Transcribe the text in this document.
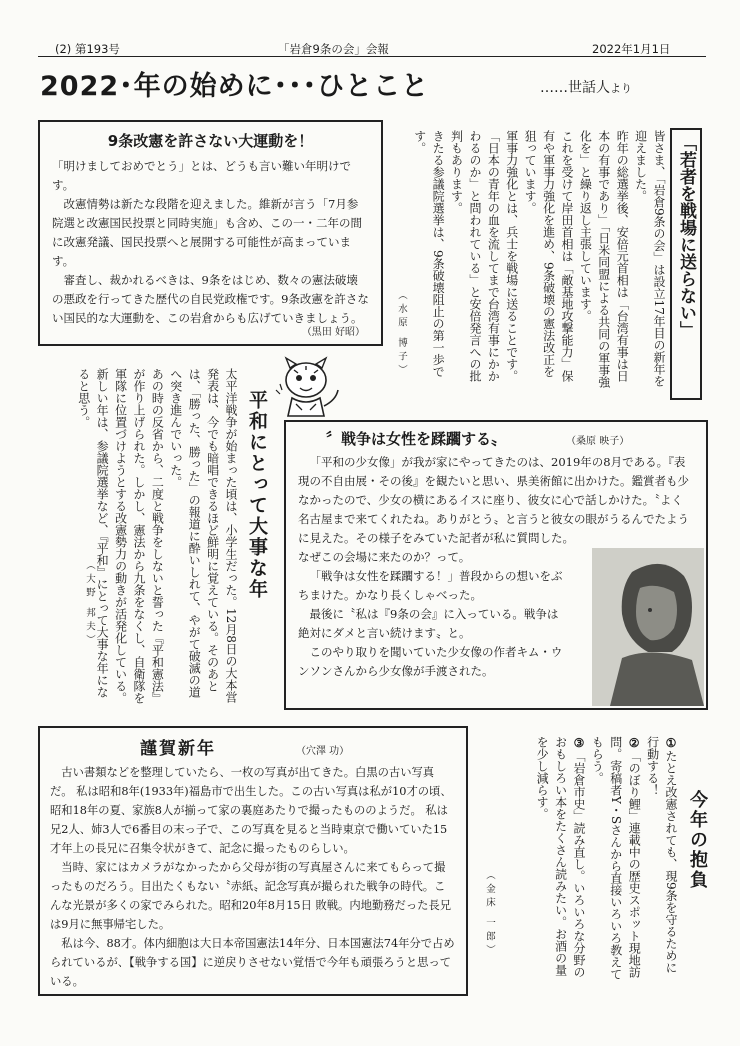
(2) 第193号	「岩倉9条の会」会報	2022年1月1日
2022･年の始めに･･･ひとこと	……世話人より
9条改憲を許さない大運動を！

「明けましておめでとう」とは、どうも言い難い年明けです。

改憲情勢は新たな段階を迎えました。維新が言う「7月参院選と改憲国民投票と同時実施」も含め、この一・二年の間に改憲発議、国民投票へと展開する可能性が高まっています。

審査し、裁かれるべきは、9条をはじめ、数々の憲法破壊の悪政を行ってきた歴代の自民党政権です。9条改憲を許さない国民的な大運動を、この岩倉からも広げていきましょう。

（黒田 好昭）	「若者を戦場に送らない」

皆さま、「岩倉9条の会」は設立17年目の新年を迎えました。

昨年の総選挙後、安倍元首相は「台湾有事は日本の有事であり」「日米同盟による共同の軍事強化を」と繰り返し主張しています。

これを受けて岸田首相は「敵基地攻撃能力」保有や軍事力強化を進め、9条破壊の憲法改正を狙っています。

軍事力強化とは、兵士を戦場に送ることです。「日本の青年の血を流してまで台湾有事にかかわるのか」と問われている」と安倍発言への批判もあります。

きたる参議院選挙は、9条破壊阻止の第一歩です。

（水原 博子）
平和にとって大事な年

太平洋戦争が始まった頃は、小学生だった。12月8日の大本営発表は、今でも暗唱できるほど鮮明に覚えている。そのあとは、「勝った、勝った」の報道に酔いしれて、やがて破滅の道へ突き進んでいった。

あの時の反省から、二度と戦争をしないと誓った『平和憲法』が作り上げられた。しかし、憲法から九条をなくし、自衛隊を軍隊に位置づけようとする改憲勢力の動きが活発化している。

新しい年は、参議院選挙など、『平和』にとって大事な年になると思う。

（大野 邦夫）
〞戦争は女性を蹂躙する〟	（桑原 映子）

「平和の少女像」が我が家にやってきたのは、2019年の8月である。『表現の不自由展・その後』を観たいと思い、県美術館に出かけた。鑑賞者も少なかったので、少女の横にあるイスに座り、彼女に心で話しかけた。〝よく名古屋まで来てくれたね。ありがとう〟と言うと彼女の眼がうるんでたように見えた。その様子をみていた記者が私に質問した。

なぜこの会場に来たのか？って。

「戦争は女性を蹂躙する！」普段からの想いをぶちまけた。かなり長くしゃべった。

最後に〝私は『9条の会』に入っている。戦争は絶対にダメと言い続けます〟と。

このやり取りを聞いていた少女像の作者キム・ウンソンさんから少女像が手渡された。

謹賀新年	（穴澤 功）

古い書類などを整理していたら、一枚の写真が出てきた。白黒の古い写真だ。 私は昭和8年(1933年)福島市で出生した。この古い写真は私が10才の頃、昭和18年の夏、家族8人が揃って家の裏庭あたりで撮ったもののようだ。 私は兄2人、姉3人で6番目の末っ子で、この写真を見ると当時東京で働いていた15才年上の長兄に召集令状がきて、記念に撮ったものらしい。

当時、家にはカメラがなかったから父母が街の写真屋さんに来てもらって撮ったものだろう。目出たくもない〝赤紙〟記念写真が撮られた戦争の時代。こんな光景が多くの家でみられた。昭和20年8月15日 敗戦。内地勤務だった長兄は9月に無事帰宅した。

私は今、88才。体内細胞は大日本帝国憲法14年分、日本国憲法74年分で占められているが、【戦争する国】に逆戻りさせない覚悟で今年も頑張ろうと思っている。

今年の抱負

①たとえ改憲されても、現9条を守るために行動する！

②「のぼり鯉」連載中の歴史スポット現地訪問。寄稿者Y・Sさんから直接いろいろ教えてもらう。

③「岩倉市史」読み直し。いろいろな分野のおもしろい本をたくさん読みたい。お酒の量を少し減らす。

（金床 一郎）
